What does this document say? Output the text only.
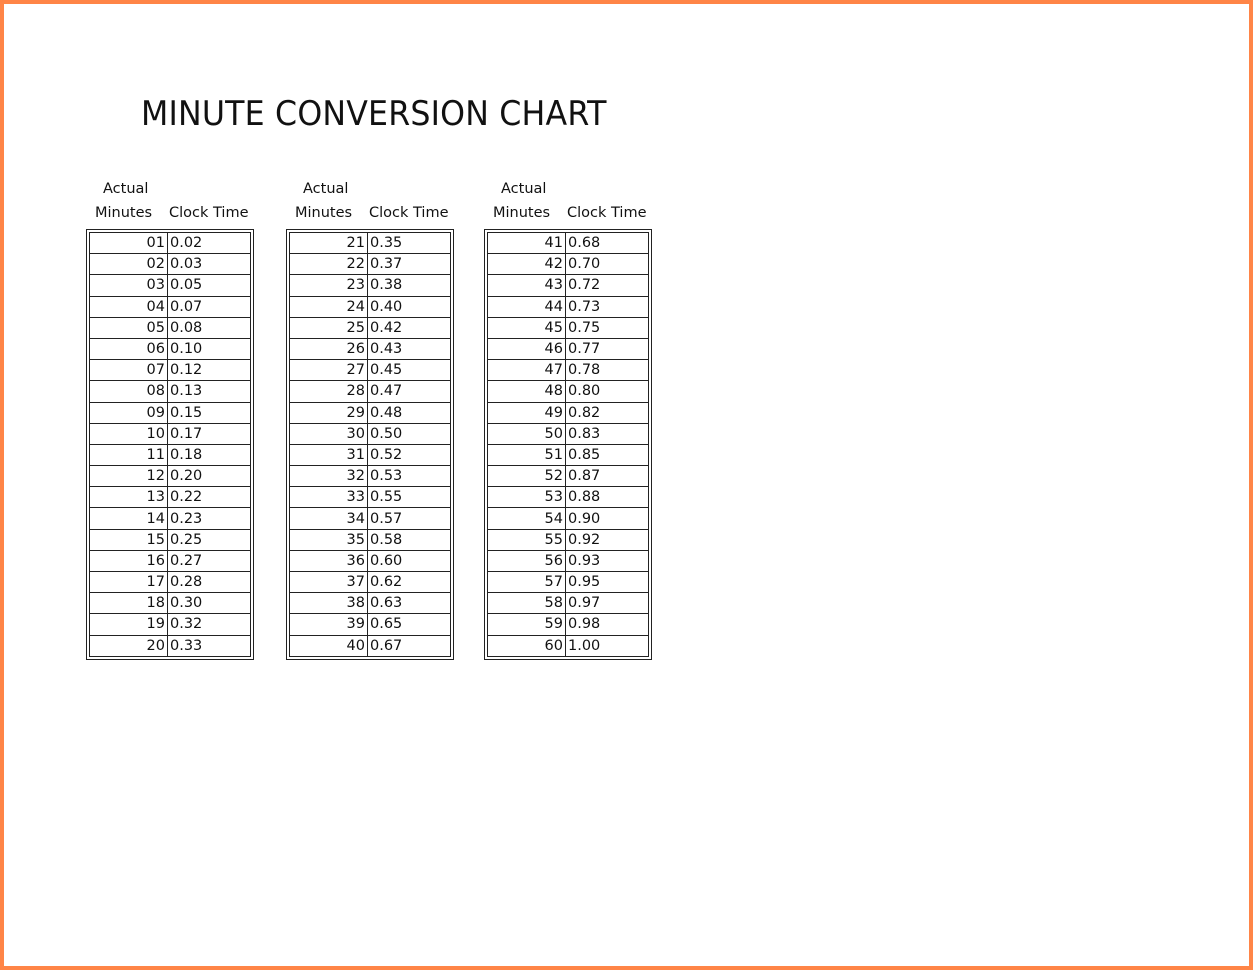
MINUTE CONVERSION CHART
Actual
Minutes Clock Time
01	0.02
02	0.03
03	0.05
04	0.07
05	0.08
06	0.10
07	0.12
08	0.13
09	0.15
10	0.17
11	0.18
12	0.20
13	0.22
14	0.23
15	0.25
16	0.27
17	0.28
18	0.30
19	0.32
20	0.33
Actual
Minutes Clock Time
21	0.35
22	0.37
23	0.38
24	0.40
25	0.42
26	0.43
27	0.45
28	0.47
29	0.48
30	0.50
31	0.52
32	0.53
33	0.55
34	0.57
35	0.58
36	0.60
37	0.62
38	0.63
39	0.65
40	0.67
Actual
Minutes Clock Time
41	0.68
42	0.70
43	0.72
44	0.73
45	0.75
46	0.77
47	0.78
48	0.80
49	0.82
50	0.83
51	0.85
52	0.87
53	0.88
54	0.90
55	0.92
56	0.93
57	0.95
58	0.97
59	0.98
60	1.00
